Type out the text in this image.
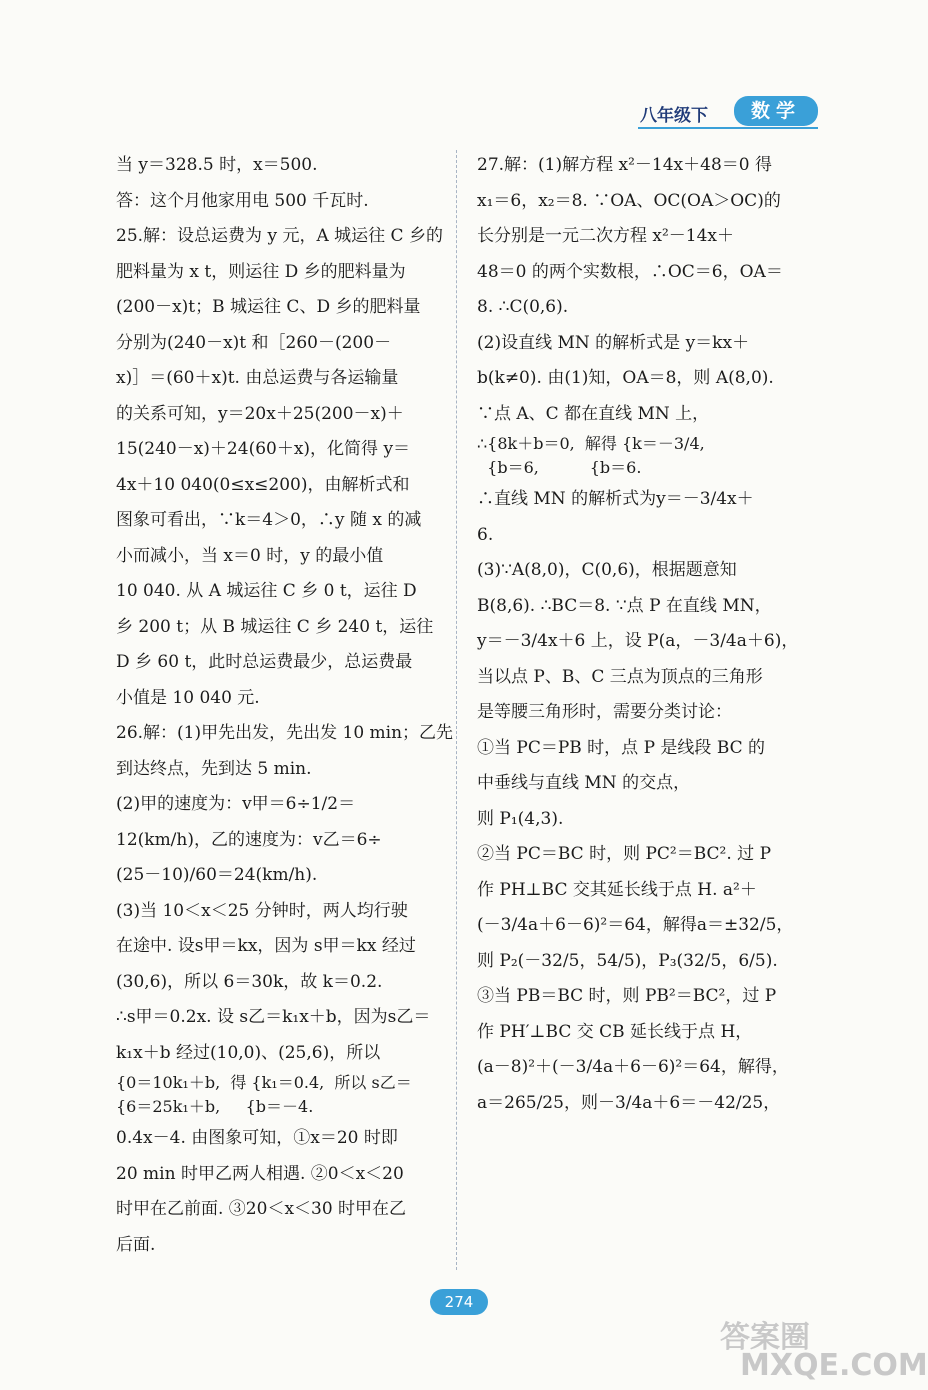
八年级下	数学
当 y＝328.5 时，x＝500.
答：这个月他家用电 500 千瓦时.
25.解：设总运费为 y 元，A 城运往 C 乡的
肥料量为 x t，则运往 D 乡的肥料量为
(200－x)t；B 城运往 C、D 乡的肥料量
分别为(240－x)t 和［260－(200－
x)］＝(60＋x)t. 由总运费与各运输量
的关系可知，y＝20x＋25(200－x)＋
15(240－x)＋24(60＋x)，化简得 y＝
4x＋10 040(0≤x≤200)，由解析式和
图象可看出，∵k＝4＞0，∴y 随 x 的减
小而减小，当 x＝0 时，y 的最小值
10 040. 从 A 城运往 C 乡 0 t，运往 D
乡 200 t；从 B 城运往 C 乡 240 t，运往
D 乡 60 t，此时总运费最少，总运费最
小值是 10 040 元.
26.解：(1)甲先出发，先出发 10 min；乙先
到达终点，先到达 5 min.
(2)甲的速度为：v甲＝6÷1/2＝
12(km/h)，乙的速度为：v乙＝6÷
(25－10)/60＝24(km/h).
(3)当 10＜x＜25 分钟时，两人均行驶
在途中. 设s甲＝kx，因为 s甲＝kx 经过
(30,6)，所以 6＝30k，故 k＝0.2.
∴s甲＝0.2x. 设 s乙＝k₁x＋b，因为s乙＝
k₁x＋b 经过(10,0)、(25,6)，所以
{0＝10k₁＋b,  得 {k₁＝0.4,  所以 s乙＝
{6＝25k₁＋b,     {b＝－4.
0.4x－4. 由图象可知，①x＝20 时即
20 min 时甲乙两人相遇. ②0＜x＜20
时甲在乙前面. ③20＜x＜30 时甲在乙
后面.
27.解：(1)解方程 x²－14x＋48＝0 得
x₁＝6，x₂＝8. ∵OA、OC(OA＞OC)的
长分别是一元二次方程 x²－14x＋
48＝0 的两个实数根，∴OC＝6，OA＝
8. ∴C(0,6).
(2)设直线 MN 的解析式是 y＝kx＋
b(k≠0). 由(1)知，OA＝8，则 A(8,0).
∵点 A、C 都在直线 MN 上，
∴{8k＋b＝0,  解得 {k＝－3/4,
{b＝6,          {b＝6.
∴直线 MN 的解析式为y＝－3/4x＋
6.
(3)∵A(8,0)，C(0,6)，根据题意知
B(8,6). ∴BC＝8. ∵点 P 在直线 MN，
y＝－3/4x＋6 上，设 P(a，－3/4a＋6)，
当以点 P、B、C 三点为顶点的三角形
是等腰三角形时，需要分类讨论：
①当 PC＝PB 时，点 P 是线段 BC 的
中垂线与直线 MN 的交点，
则 P₁(4,3).
②当 PC＝BC 时，则 PC²＝BC². 过 P
作 PH⊥BC 交其延长线于点 H. a²＋
(－3/4a＋6－6)²＝64，解得a＝±32/5，
则 P₂(－32/5，54/5)，P₃(32/5，6/5).
③当 PB＝BC 时，则 PB²＝BC²，过 P
作 PH′⊥BC 交 CB 延长线于点 H，
(a－8)²＋(－3/4a＋6－6)²＝64，解得，
a＝265/25，则－3/4a＋6＝－42/25，
274
答案圈
MXQE.COM
